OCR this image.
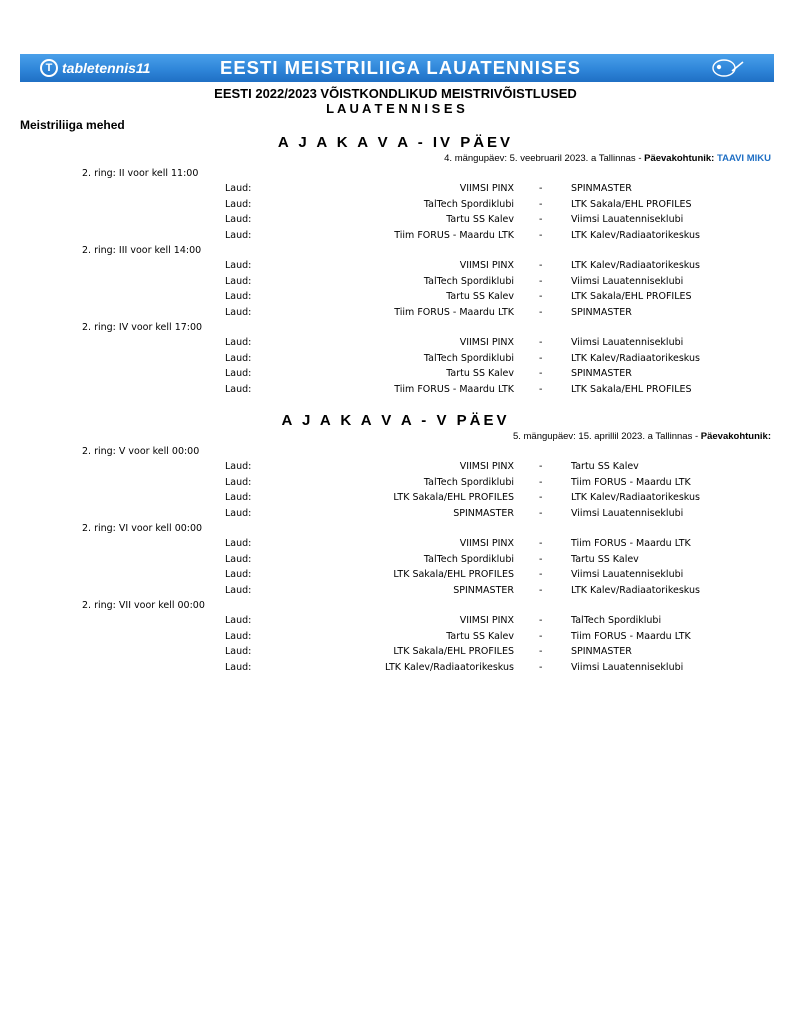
T tabletennis11	EESTI MEISTRILIIGA LAUATENNISES
EESTI 2022/2023 VÕISTKONDLIKUD MEISTRIVÕISTLUSED
L A U A T E N N I S E S
Meistriliiga mehed
A J A K A V A - IV PÄEV
4. mängupäev: 5. veebruaril 2023. a Tallinnas - Päevakohtunik: TAAVI MIKU
2. ring: II voor kell 11:00
Laud:	VIIMSI PINX	-	SPINMASTER
Laud:	TalTech Spordiklubi	-	LTK Sakala/EHL PROFILES
Laud:	Tartu SS Kalev	-	Viimsi Lauatenniseklubi
Laud:	Tiim FORUS - Maardu LTK	-	LTK Kalev/Radiaatorikeskus
2. ring: III voor kell 14:00
Laud:	VIIMSI PINX	-	LTK Kalev/Radiaatorikeskus
Laud:	TalTech Spordiklubi	-	Viimsi Lauatenniseklubi
Laud:	Tartu SS Kalev	-	LTK Sakala/EHL PROFILES
Laud:	Tiim FORUS - Maardu LTK	-	SPINMASTER
2. ring: IV voor kell 17:00
Laud:	VIIMSI PINX	-	Viimsi Lauatenniseklubi
Laud:	TalTech Spordiklubi	-	LTK Kalev/Radiaatorikeskus
Laud:	Tartu SS Kalev	-	SPINMASTER
Laud:	Tiim FORUS - Maardu LTK	-	LTK Sakala/EHL PROFILES
A J A K A V A - V PÄEV
5. mängupäev: 15. aprillil 2023. a Tallinnas - Päevakohtunik:
2. ring: V voor kell 00:00
Laud:	VIIMSI PINX	-	Tartu SS Kalev
Laud:	TalTech Spordiklubi	-	Tiim FORUS - Maardu LTK
Laud:	LTK Sakala/EHL PROFILES	-	LTK Kalev/Radiaatorikeskus
Laud:	SPINMASTER	-	Viimsi Lauatenniseklubi
2. ring: VI voor kell 00:00
Laud:	VIIMSI PINX	-	Tiim FORUS - Maardu LTK
Laud:	TalTech Spordiklubi	-	Tartu SS Kalev
Laud:	LTK Sakala/EHL PROFILES	-	Viimsi Lauatenniseklubi
Laud:	SPINMASTER	-	LTK Kalev/Radiaatorikeskus
2. ring: VII voor kell 00:00
Laud:	VIIMSI PINX	-	TalTech Spordiklubi
Laud:	Tartu SS Kalev	-	Tiim FORUS - Maardu LTK
Laud:	LTK Sakala/EHL PROFILES	-	SPINMASTER
Laud:	LTK Kalev/Radiaatorikeskus	-	Viimsi Lauatenniseklubi
